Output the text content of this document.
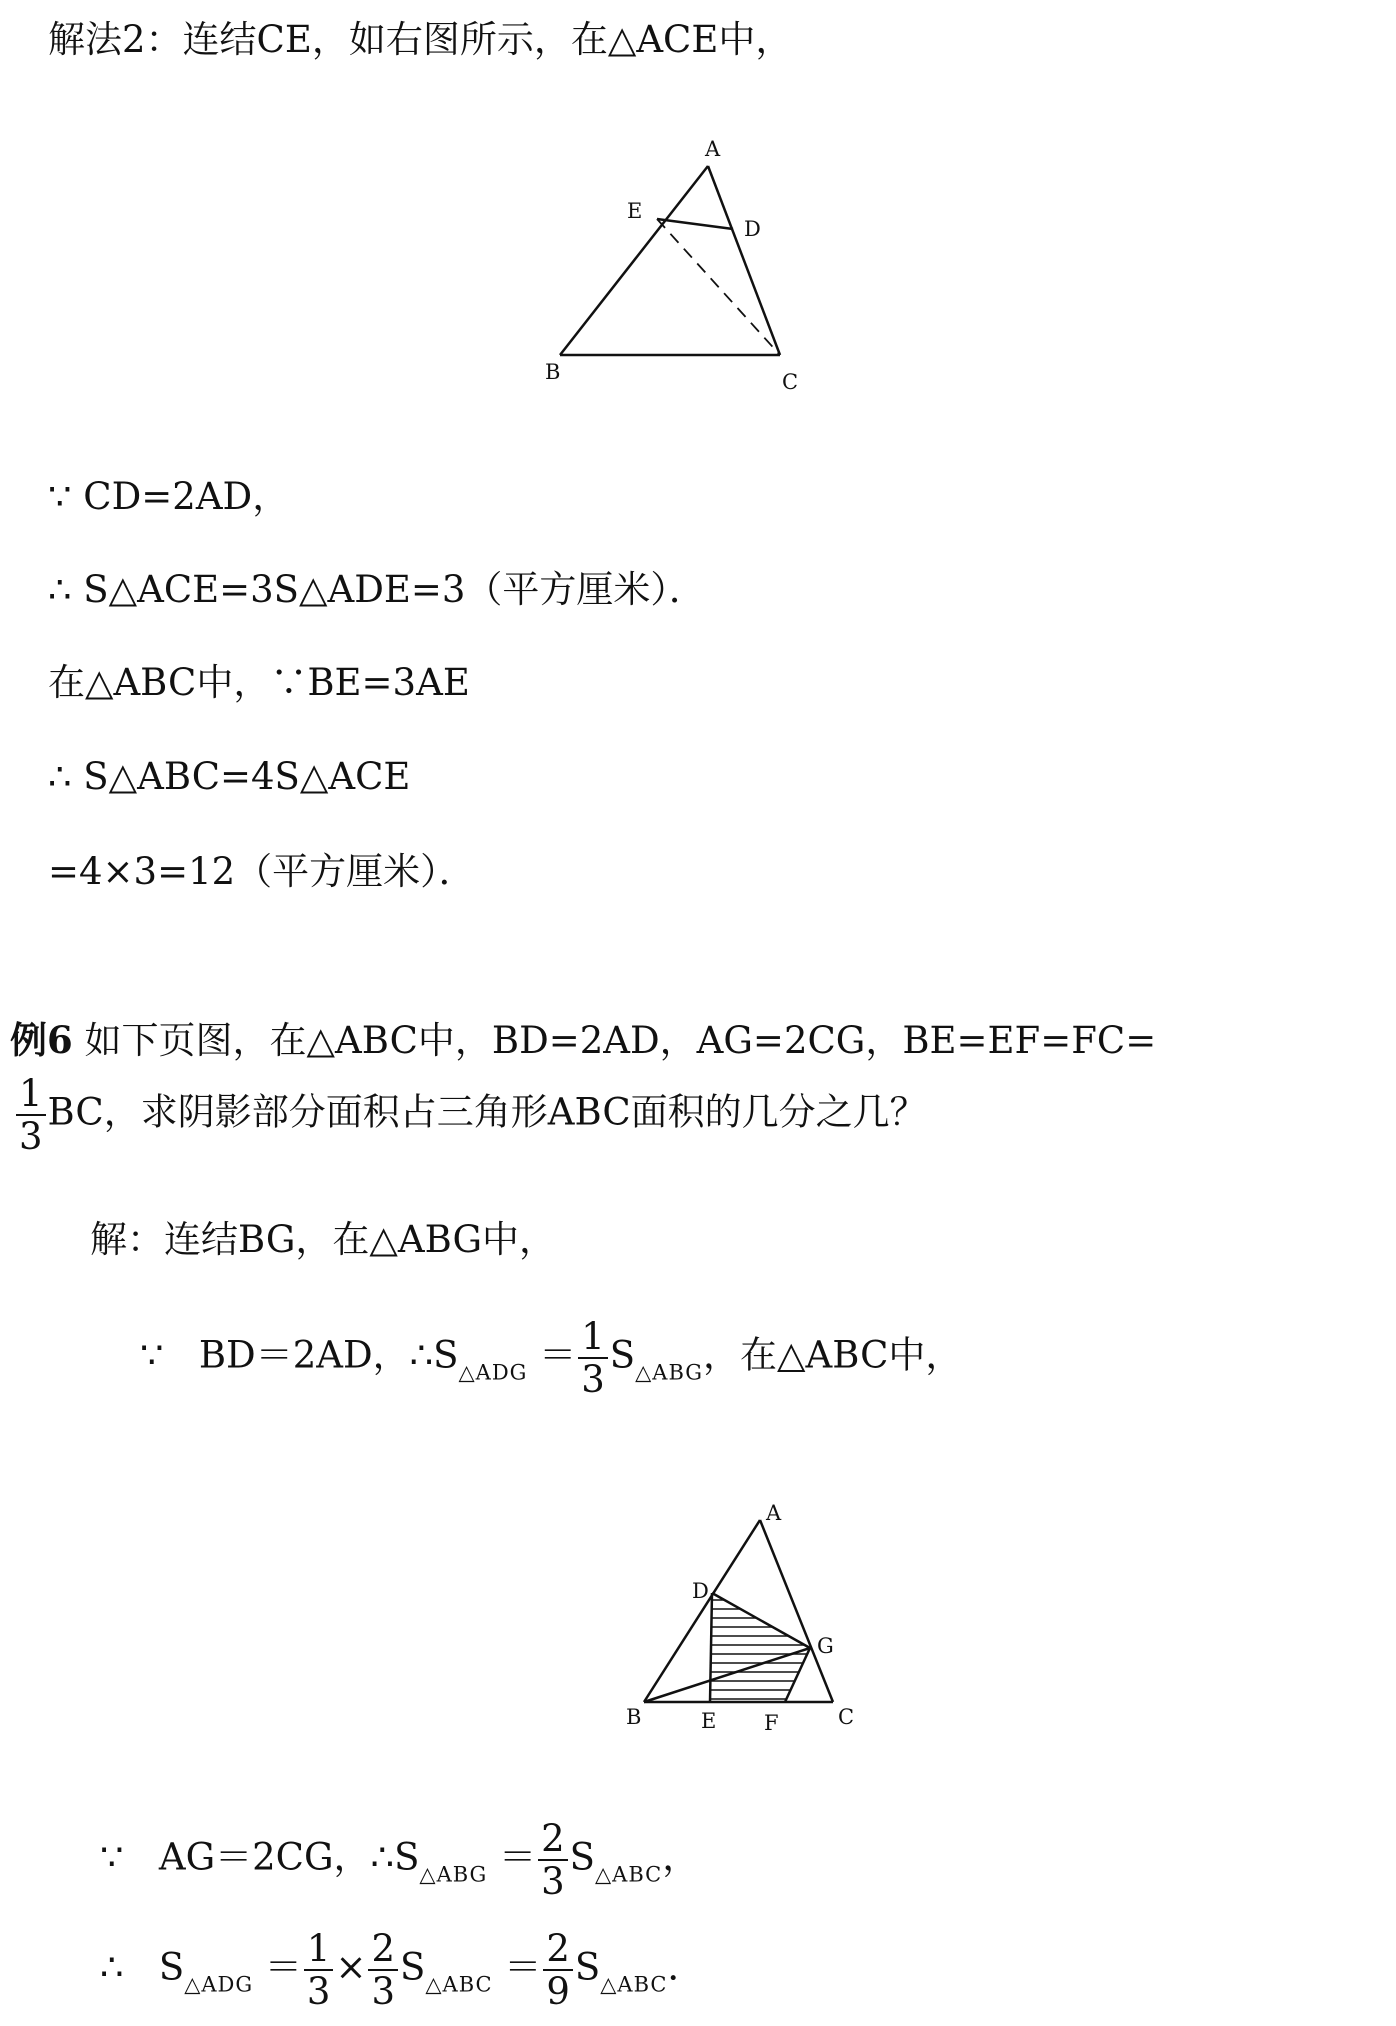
解法2：连结CE，如右图所示，在△ACE中，
A
E
D
B	C
∵ CD=2AD，
∴ S△ACE=3S△ADE=3（平方厘米）．
在△ABC中，∵BE=3AE
∴ S△ABC=4S△ACE
=4×3=12（平方厘米）．
例6 如下页图，在△ABC中，BD=2AD，AG=2CG，BE=EF=FC=
$\frac{1}{3}$ BC，求阴影部分面积占三角形ABC面积的几分之几？
解：连结BG，在△ABG中，
∵ BD＝2AD，$\therefore S_{\triangle ADG} = \frac{1}{3} S_{\triangle ABG}$，在△ABC中，
A
D
G
B	E F	C
∵ AG＝2CG，$\therefore S_{\triangle ABG} = \frac{2}{3} S_{\triangle ABC}$，
∴ $S_{\triangle ADG} = \frac{1}{3} \times \frac{2}{3} S_{\triangle ABC} = \frac{2}{9} S_{\triangle ABC}$．
